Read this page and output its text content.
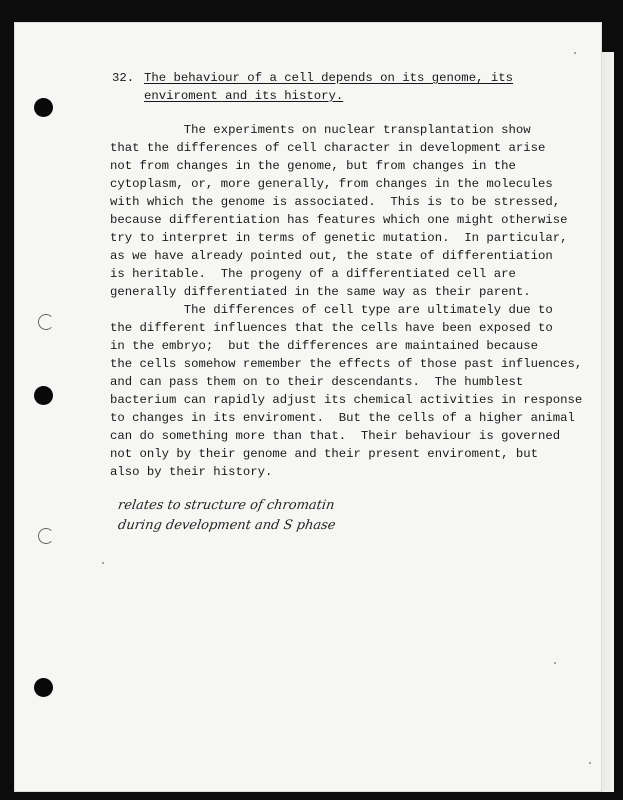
32. The behaviour of a cell depends on its genome, its
enviroment and its history.
The experiments on nuclear transplantation show
that the differences of cell character in development arise
not from changes in the genome, but from changes in the
cytoplasm, or, more generally, from changes in the molecules
with which the genome is associated.  This is to be stressed,
because differentiation has features which one might otherwise
try to interpret in terms of genetic mutation.  In particular,
as we have already pointed out, the state of differentiation
is heritable.  The progeny of a differentiated cell are
generally differentiated in the same way as their parent.
The differences of cell type are ultimately due to
the different influences that the cells have been exposed to
in the embryo;  but the differences are maintained because
the cells somehow remember the effects of those past influences,
and can pass them on to their descendants.  The humblest
bacterium can rapidly adjust its chemical activities in response
to changes in its enviroment.  But the cells of a higher animal
can do something more than that.  Their behaviour is governed
not only by their genome and their present enviroment, but
also by their history.
relates to structure of chromatin
during development and S phase
